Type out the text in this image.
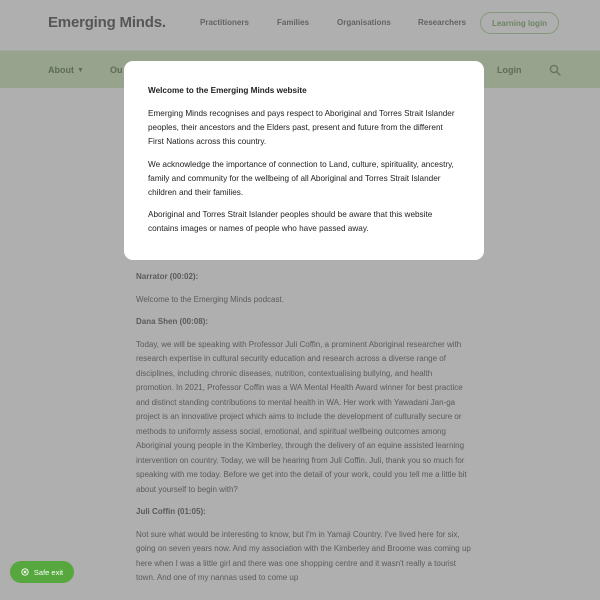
Welcome to the Emerging Minds website

Emerging Minds recognises and pays respect to Aboriginal and Torres Strait Islander peoples, their ancestors and the Elders past, present and future from the different First Nations across this country.

We acknowledge the importance of connection to Land, culture, spirituality, ancestry, family and community for the wellbeing of all Aboriginal and Torres Strait Islander children and their families.

Aboriginal and Torres Strait Islander peoples should be aware that this website contains images or names of people who have passed away.

Safe exit
